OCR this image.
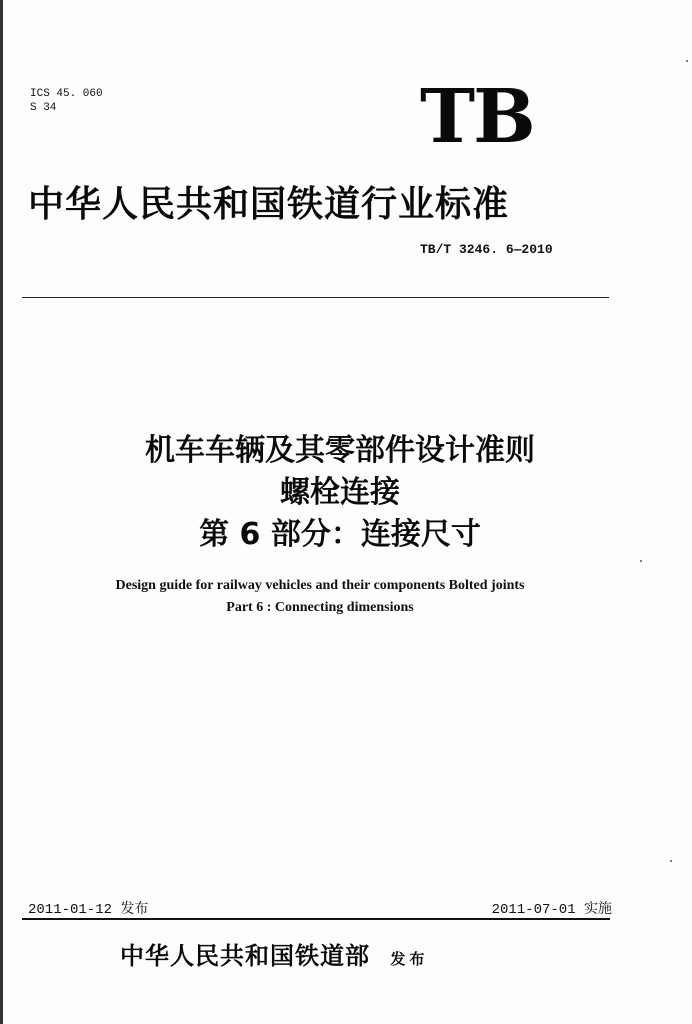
ICS 45. 060
S 34	TB
中华人民共和国铁道行业标准
TB/T 3246. 6—2010
机车车辆及其零部件设计准则
螺栓连接
第 6 部分：连接尺寸
Design guide for railway vehicles and their components Bolted joints
Part 6 : Connecting dimensions
2011-01-12 发布	2011-07-01 实施
中华人民共和国铁道部 发布
